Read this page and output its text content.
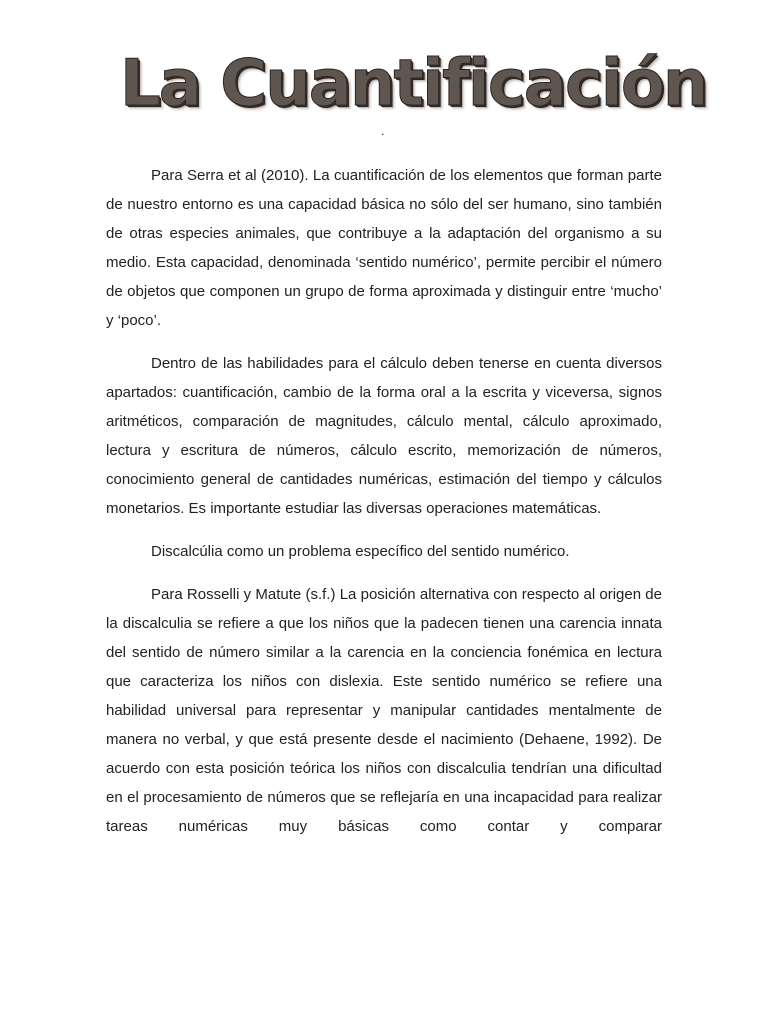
La Cuantificación
.

Para Serra et al (2010). La cuantificación de los elementos que forman parte de nuestro entorno es una capacidad básica no sólo del ser humano, sino también de otras especies animales, que contribuye a la adaptación del organismo a su medio. Esta capacidad, denominada ‘sentido numérico’, permite percibir el número de objetos que componen un grupo de forma aproximada y distinguir entre ‘mucho’ y ‘poco’.

Dentro de las habilidades para el cálculo deben tenerse en cuenta diversos apartados: cuantificación, cambio de la forma oral a la escrita y viceversa, signos aritméticos, comparación de magnitudes, cálculo mental, cálculo aproximado, lectura y escritura de números, cálculo escrito, memorización de números, conocimiento general de cantidades numéricas, estimación del tiempo y cálculos monetarios. Es importante estudiar las diversas operaciones matemáticas.

Discalcúlia como un problema específico del sentido numérico.

Para Rosselli y Matute (s.f.) La posición alternativa con respecto al origen de la discalculia se refiere a que los niños que la padecen tienen una carencia innata del sentido de número similar a la carencia en la conciencia fonémica en lectura que caracteriza los niños con dislexia. Este sentido numérico se refiere una habilidad universal para representar y manipular cantidades mentalmente de manera no verbal, y que está presente desde el nacimiento (Dehaene, 1992). De acuerdo con esta posición teórica los niños con discalculia tendrían una dificultad en el procesamiento de números que se reflejaría en una incapacidad para realizar tareas numéricas muy básicas como contar y comparar
